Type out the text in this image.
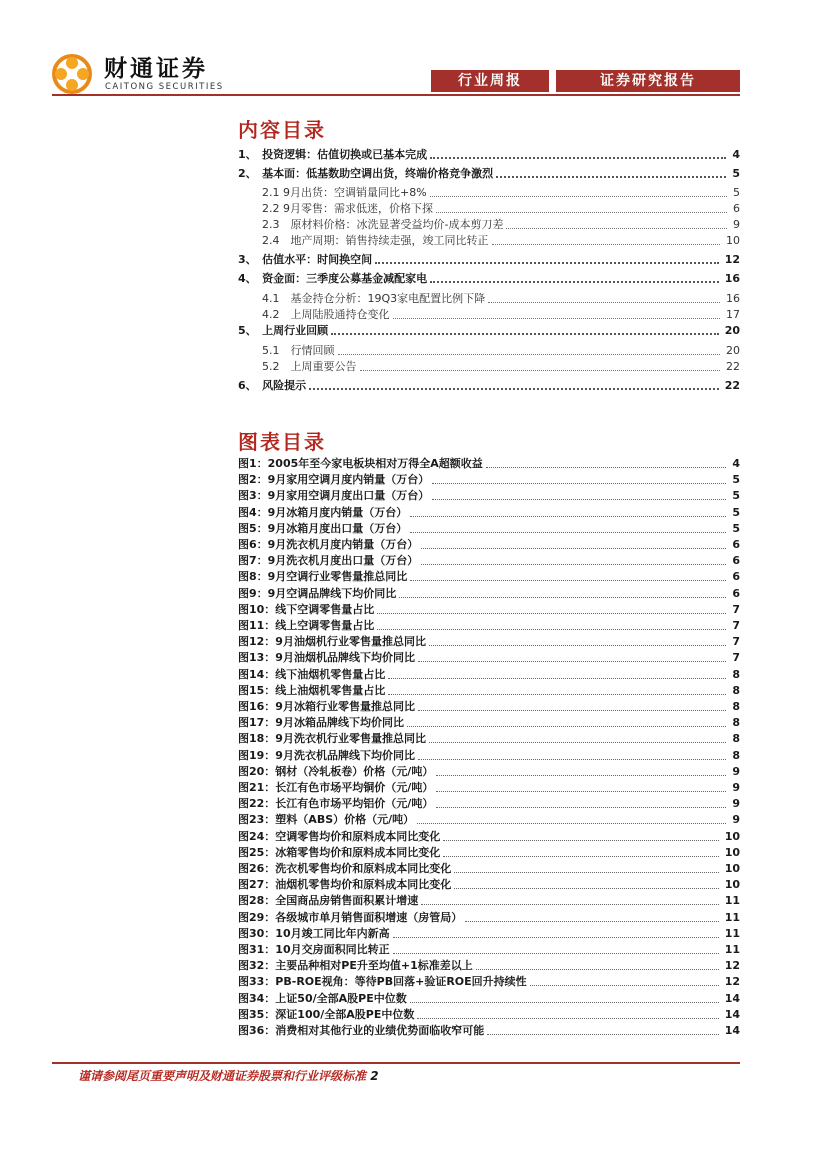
财通证券
CAITONG SECURITIES	行业周报	证券研究报告
内容目录
1、　投资逻辑：估值切换或已基本完成	4
2、　基本面：低基数助空调出货，终端价格竞争激烈	5
2.1 9月出货：空调销量同比+8%	5
2.2 9月零售：需求低迷，价格下探	6
2.3　原材料价格：冰洗显著受益均价-成本剪刀差	9
2.4　地产周期：销售持续走强，竣工同比转正	10
3、　估值水平：时间换空间	12
4、　资金面：三季度公募基金减配家电	16
4.1　基金持仓分析：19Q3家电配置比例下降	16
4.2　上周陆股通持仓变化	17
5、　上周行业回顾	20
5.1　行情回顾	20
5.2　上周重要公告	22
6、　风险提示	22
图表目录
图1：2005年至今家电板块相对万得全A超额收益	4
图2：9月家用空调月度内销量（万台）	5
图3：9月家用空调月度出口量（万台）	5
图4：9月冰箱月度内销量（万台）	5
图5：9月冰箱月度出口量（万台）	5
图6：9月洗衣机月度内销量（万台）	6
图7：9月洗衣机月度出口量（万台）	6
图8：9月空调行业零售量推总同比	6
图9：9月空调品牌线下均价同比	6
图10：线下空调零售量占比	7
图11：线上空调零售量占比	7
图12：9月油烟机行业零售量推总同比	7
图13：9月油烟机品牌线下均价同比	7
图14：线下油烟机零售量占比	8
图15：线上油烟机零售量占比	8
图16：9月冰箱行业零售量推总同比	8
图17：9月冰箱品牌线下均价同比	8
图18：9月洗衣机行业零售量推总同比	8
图19：9月洗衣机品牌线下均价同比	8
图20：钢材（冷轧板卷）价格（元/吨）	9
图21：长江有色市场平均铜价（元/吨）	9
图22：长江有色市场平均铝价（元/吨）	9
图23：塑料（ABS）价格（元/吨）	9
图24：空调零售均价和原料成本同比变化	10
图25：冰箱零售均价和原料成本同比变化	10
图26：洗衣机零售均价和原料成本同比变化	10
图27：油烟机零售均价和原料成本同比变化	10
图28：全国商品房销售面积累计增速	11
图29：各级城市单月销售面积增速（房管局）	11
图30：10月竣工同比年内新高	11
图31：10月交房面积同比转正	11
图32：主要品种相对PE升至均值+1标准差以上	12
图33：PB-ROE视角：等待PB回落+验证ROE回升持续性	12
图34：上证50/全部A股PE中位数	14
图35：深证100/全部A股PE中位数	14
图36：消费相对其他行业的业绩优势面临收窄可能	14
谨请参阅尾页重要声明及财通证券股票和行业评级标准 2
